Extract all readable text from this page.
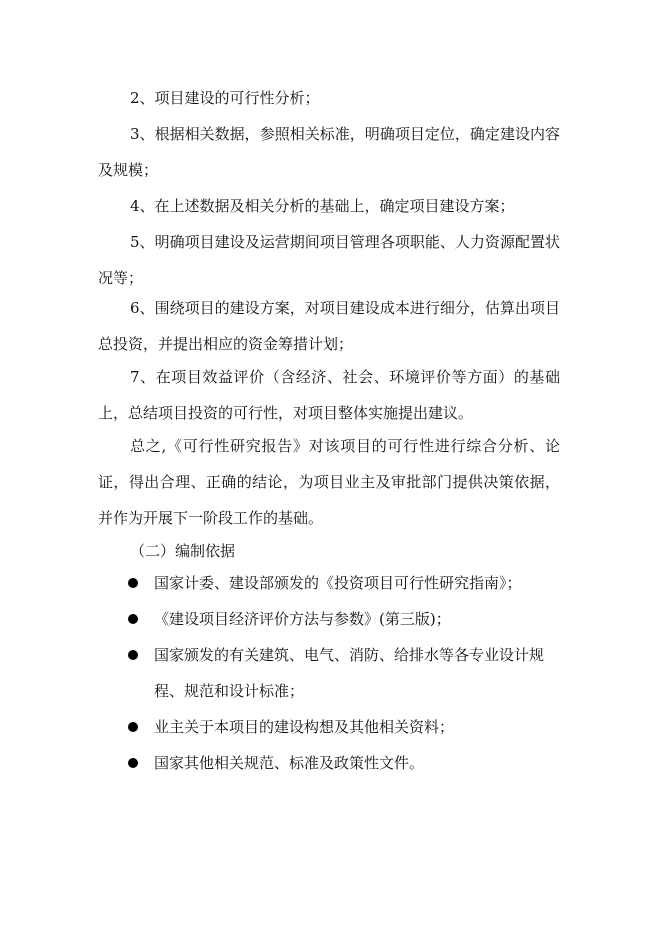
2、项目建设的可行性分析；

3、根据相关数据，参照相关标准，明确项目定位，确定建设内容及规模；

4、在上述数据及相关分析的基础上，确定项目建设方案；

5、明确项目建设及运营期间项目管理各项职能、人力资源配置状况等；

6、围绕项目的建设方案，对项目建设成本进行细分，估算出项目总投资，并提出相应的资金筹措计划；

7、在项目效益评价（含经济、社会、环境评价等方面）的基础上，总结项目投资的可行性，对项目整体实施提出建议。

总之,《可行性研究报告》对该项目的可行性进行综合分析、论证，得出合理、正确的结论，为项目业主及审批部门提供决策依据，并作为开展下一阶段工作的基础。

（二）编制依据

国家计委、建设部颁发的《投资项目可行性研究指南》；
《建设项目经济评价方法与参数》(第三版)；
国家颁发的有关建筑、电气、消防、给排水等各专业设计规程、规范和设计标准；
业主关于本项目的建设构想及其他相关资料；
国家其他相关规范、标准及政策性文件。
